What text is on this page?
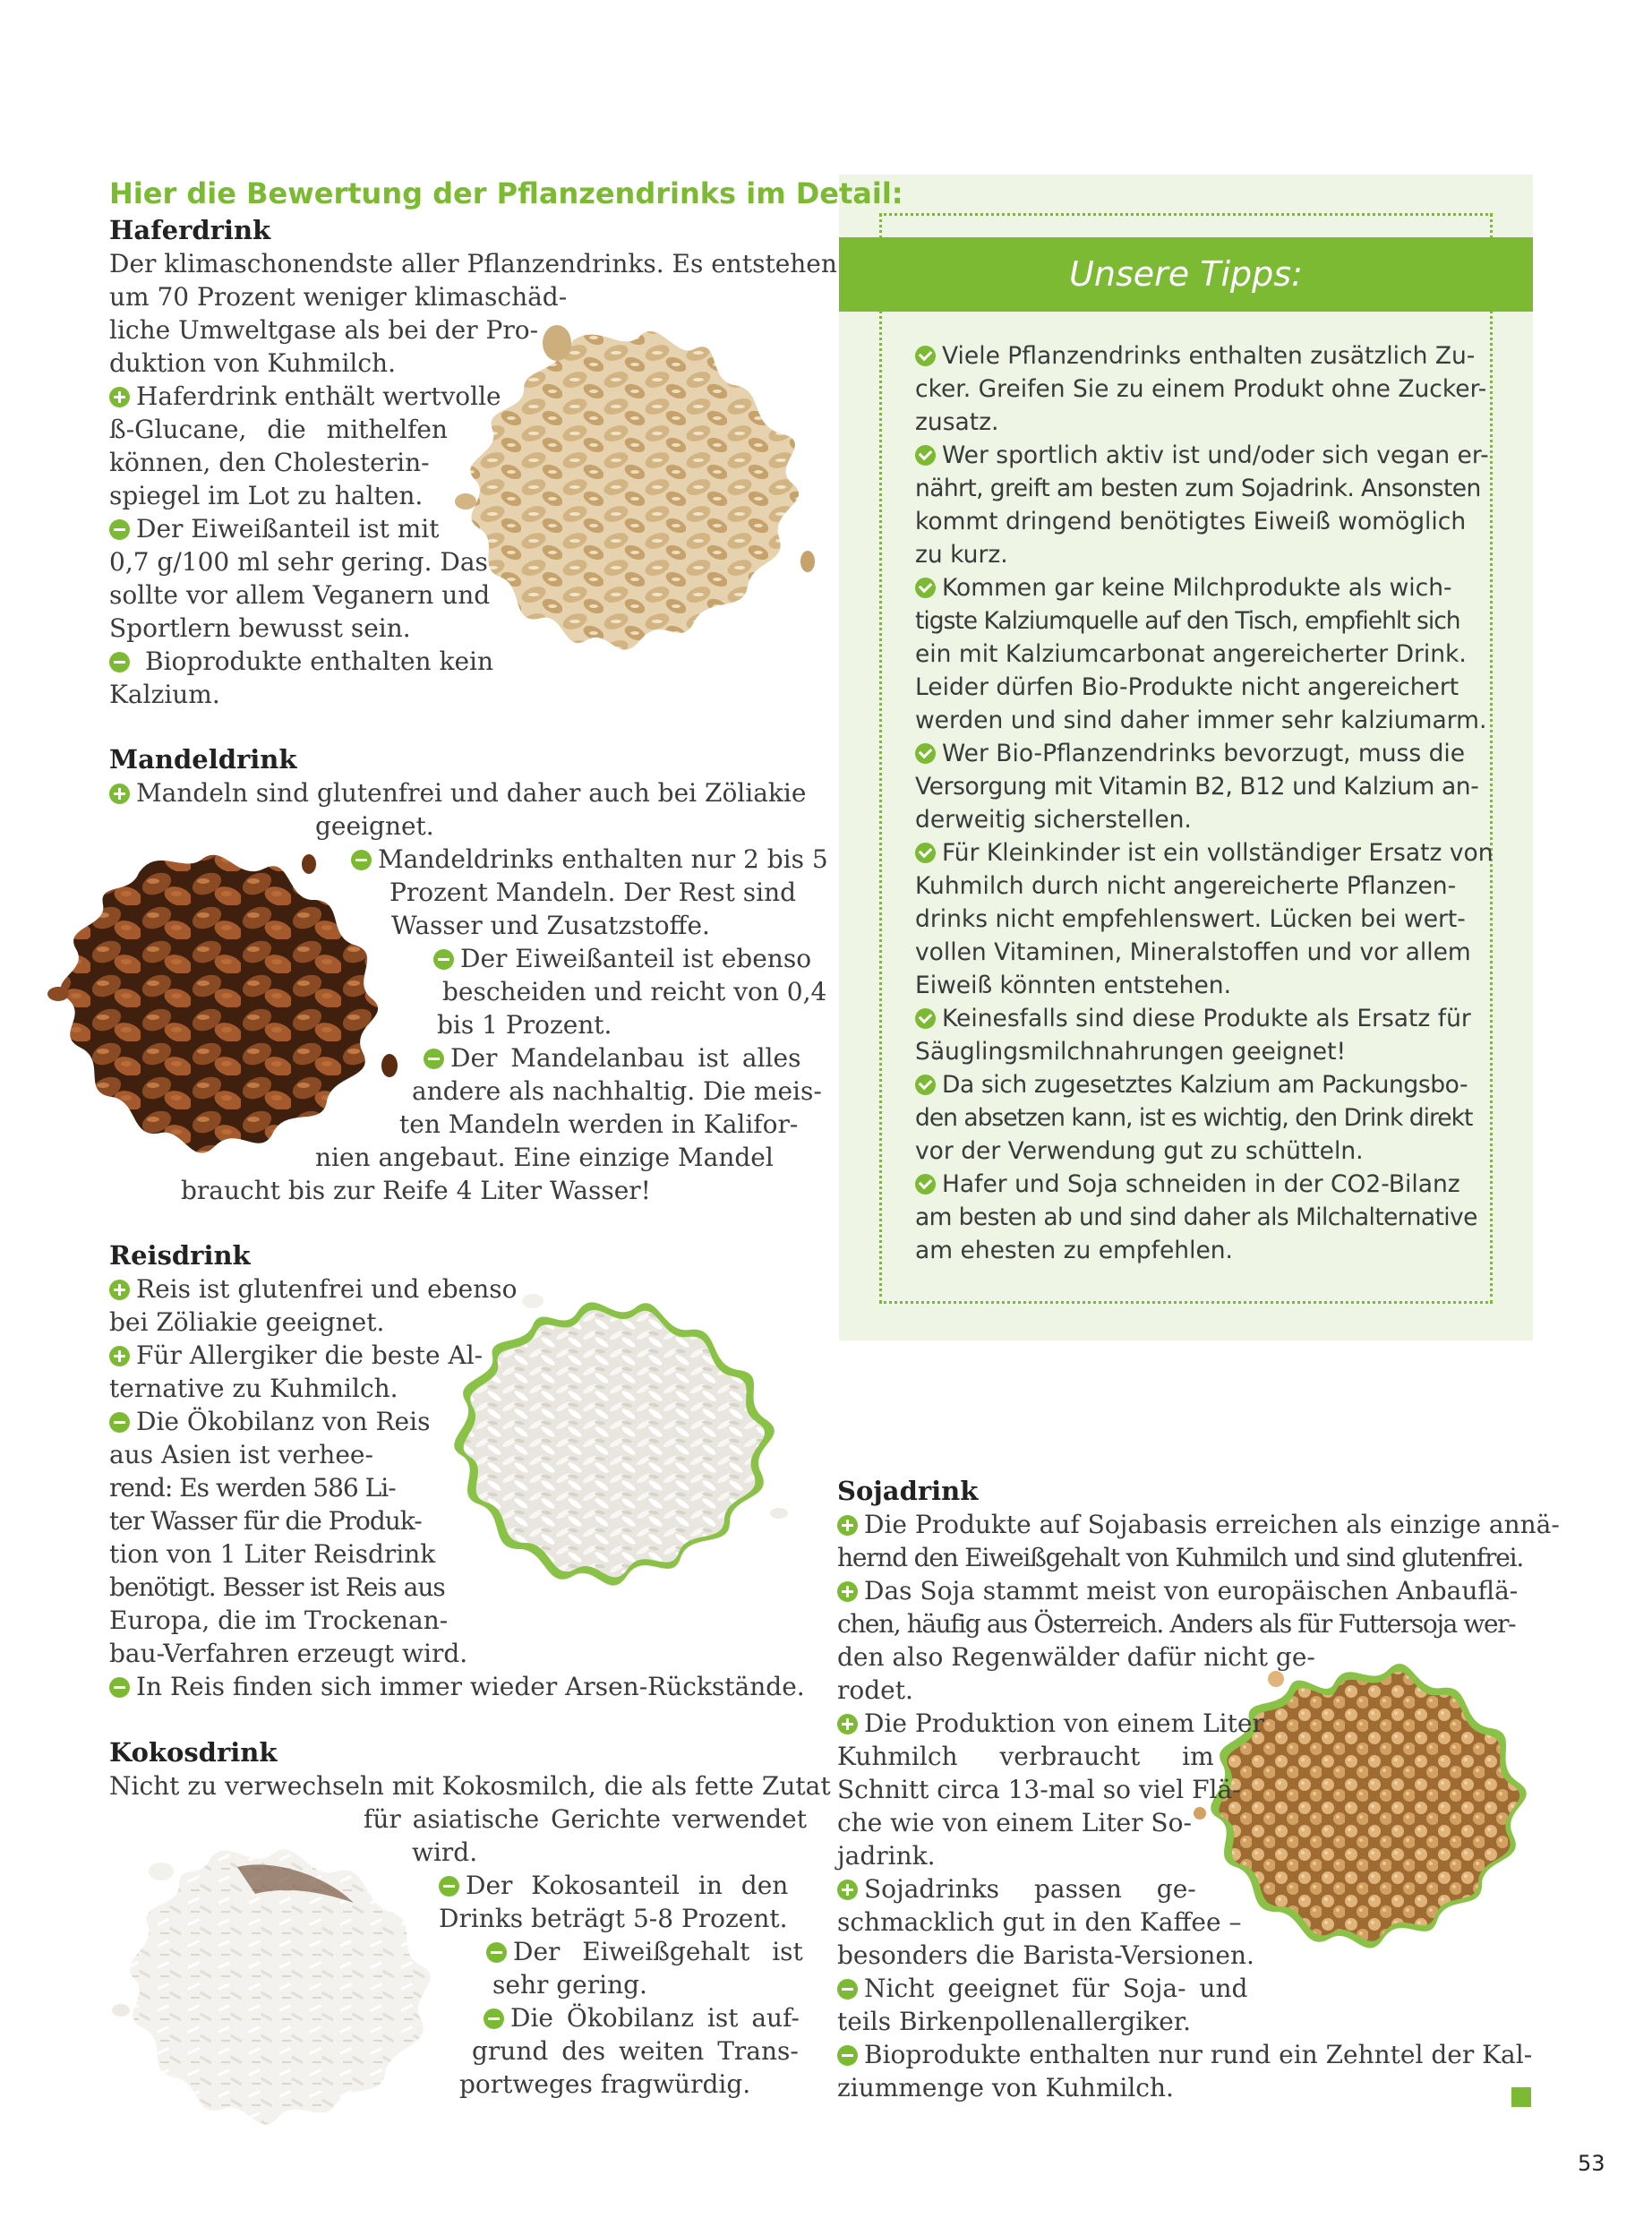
Unsere Tipps:
Hier die Bewertung der Pflanzendrinks im Detail:
Haferdrink
Der klimaschonendste aller Pflanzendrinks. Es entstehen
um 70 Prozent weniger klimaschäd-
liche Umweltgase als bei der Pro-
duktion von Kuhmilch.
Haferdrink enthält wertvolle
ß-Glucane, die mithelfen
können, den Cholesterin-
spiegel im Lot zu halten.
Der Eiweißanteil ist mit
0,7 g/100 ml sehr gering. Das
sollte vor allem Veganern und
Sportlern bewusst sein.
Bioprodukte enthalten kein
Kalzium.
Mandeldrink
Mandeln sind glutenfrei und daher auch bei Zöliakie
geeignet.
Mandeldrinks enthalten nur 2 bis 5
Prozent Mandeln. Der Rest sind
Wasser und Zusatzstoffe.
Der Eiweißanteil ist ebenso
bescheiden und reicht von 0,4
bis 1 Prozent.
Der Mandelanbau ist alles
andere als nachhaltig. Die meis-
ten Mandeln werden in Kalifor-
nien angebaut. Eine einzige Mandel
braucht bis zur Reife 4 Liter Wasser!
Reisdrink
Reis ist glutenfrei und ebenso
bei Zöliakie geeignet.
Für Allergiker die beste Al-
ternative zu Kuhmilch.
Die Ökobilanz von Reis
aus Asien ist verhee-
rend: Es werden 586 Li-
ter Wasser für die Produk-
tion von 1 Liter Reisdrink
benötigt. Besser ist Reis aus
Europa, die im Trockenan-
bau-Verfahren erzeugt wird.
In Reis finden sich immer wieder Arsen-Rückstände.
Kokosdrink
Nicht zu verwechseln mit Kokosmilch, die als fette Zutat
für asiatische Gerichte verwendet
wird.
Der Kokosanteil in den
Drinks beträgt 5-8 Prozent.
Der Eiweißgehalt ist
sehr gering.
Die Ökobilanz ist auf-
grund des weiten Trans-
portweges fragwürdig.
Viele Pflanzendrinks enthalten zusätzlich Zu-
cker. Greifen Sie zu einem Produkt ohne Zucker-
zusatz.
Wer sportlich aktiv ist und/oder sich vegan er-
nährt, greift am besten zum Sojadrink. Ansonsten
kommt dringend benötigtes Eiweiß womöglich
zu kurz.
Kommen gar keine Milchprodukte als wich-
tigste Kalziumquelle auf den Tisch, empfiehlt sich
ein mit Kalziumcarbonat angereicherter Drink.
Leider dürfen Bio-Produkte nicht angereichert
werden und sind daher immer sehr kalziumarm.
Wer Bio-Pflanzendrinks bevorzugt, muss die
Versorgung mit Vitamin B2, B12 und Kalzium an-
derweitig sicherstellen.
Für Kleinkinder ist ein vollständiger Ersatz von
Kuhmilch durch nicht angereicherte Pflanzen-
drinks nicht empfehlenswert. Lücken bei wert-
vollen Vitaminen, Mineralstoffen und vor allem
Eiweiß könnten entstehen.
Keinesfalls sind diese Produkte als Ersatz für
Säuglingsmilchnahrungen geeignet!
Da sich zugesetztes Kalzium am Packungsbo-
den absetzen kann, ist es wichtig, den Drink direkt
vor der Verwendung gut zu schütteln.
Hafer und Soja schneiden in der CO2-Bilanz
am besten ab und sind daher als Milchalternative
am ehesten zu empfehlen.
Sojadrink
Die Produkte auf Sojabasis erreichen als einzige annä-
hernd den Eiweißgehalt von Kuhmilch und sind glutenfrei.
Das Soja stammt meist von europäischen Anbauflä-
chen, häufig aus Österreich. Anders als für Futtersoja wer-
den also Regenwälder dafür nicht ge-
rodet.
Die Produktion von einem Liter
Kuhmilch verbraucht im
Schnitt circa 13-mal so viel Flä-
che wie von einem Liter So-
jadrink.
Sojadrinks passen ge-
schmacklich gut in den Kaffee –
besonders die Barista-Versionen.
Nicht geeignet für Soja- und
teils Birkenpollenallergiker.
Bioprodukte enthalten nur rund ein Zehntel der Kal-
ziummenge von Kuhmilch.
53
